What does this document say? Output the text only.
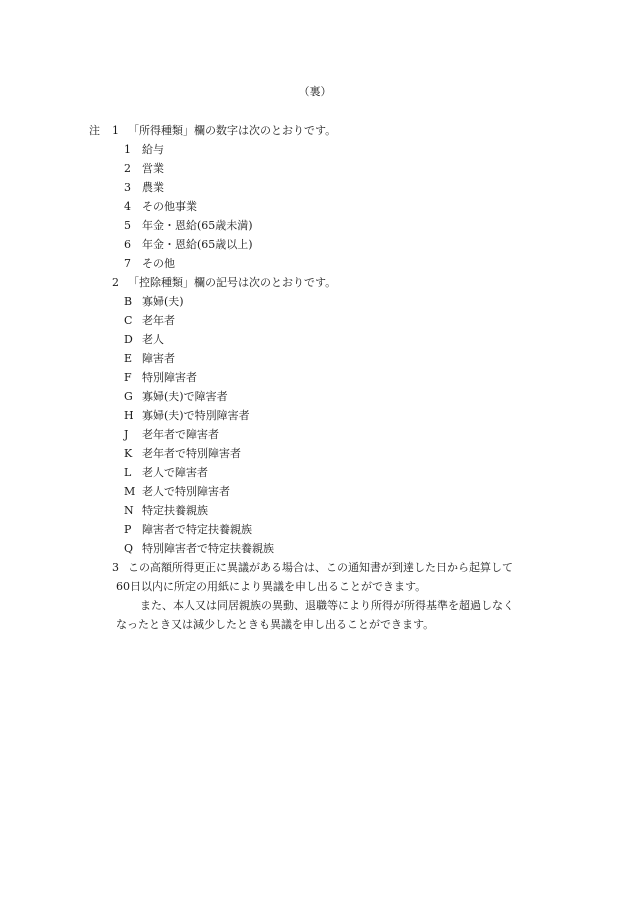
（裏）
注 1 「所得種類」欄の数字は次のとおりです。
1 給与
2 営業
3 農業
4 その他事業
5 年金・恩給(65歳未満)
6 年金・恩給(65歳以上)
7 その他
2 「控除種類」欄の記号は次のとおりです。
B 寡婦(夫)
C 老年者
D 老人
E 障害者
F 特別障害者
G 寡婦(夫)で障害者
H 寡婦(夫)で特別障害者
J 老年者で障害者
K 老年者で特別障害者
L 老人で障害者
M 老人で特別障害者
N 特定扶養親族
P 障害者で特定扶養親族
Q 特別障害者で特定扶養親族
3 この高額所得更正に異議がある場合は、この通知書が到達した日から起算して
60日以内に所定の用紙により異議を申し出ることができます。
また、本人又は同居親族の異動、退職等により所得が所得基準を超過しなく
なったとき又は減少したときも異議を申し出ることができます。
